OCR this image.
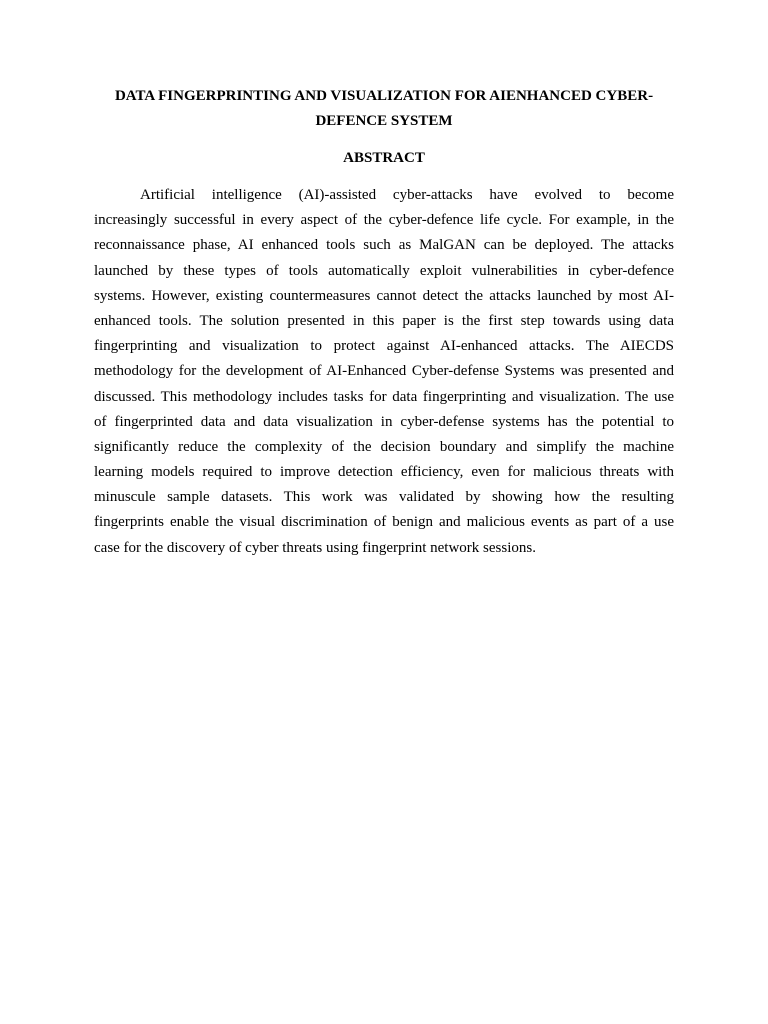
DATA FINGERPRINTING AND VISUALIZATION FOR AIENHANCED CYBER-
DEFENCE SYSTEM
ABSTRACT
Artificial intelligence (AI)-assisted cyber-attacks have evolved to become
increasingly successful in every aspect of the cyber-defence life cycle. For example, in the
reconnaissance phase, AI enhanced tools such as MalGAN can be deployed. The attacks
launched by these types of tools automatically exploit vulnerabilities in cyber-defence
systems. However, existing countermeasures cannot detect the attacks launched by most AI-
enhanced tools. The solution presented in this paper is the first step towards using data
fingerprinting and visualization to protect against AI-enhanced attacks. The AIECDS
methodology for the development of AI-Enhanced Cyber-defense Systems was presented and
discussed. This methodology includes tasks for data fingerprinting and visualization. The use
of fingerprinted data and data visualization in cyber-defense systems has the potential to
significantly reduce the complexity of the decision boundary and simplify the machine
learning models required to improve detection efficiency, even for malicious threats with
minuscule sample datasets. This work was validated by showing how the resulting
fingerprints enable the visual discrimination of benign and malicious events as part of a use
case for the discovery of cyber threats using fingerprint network sessions.
